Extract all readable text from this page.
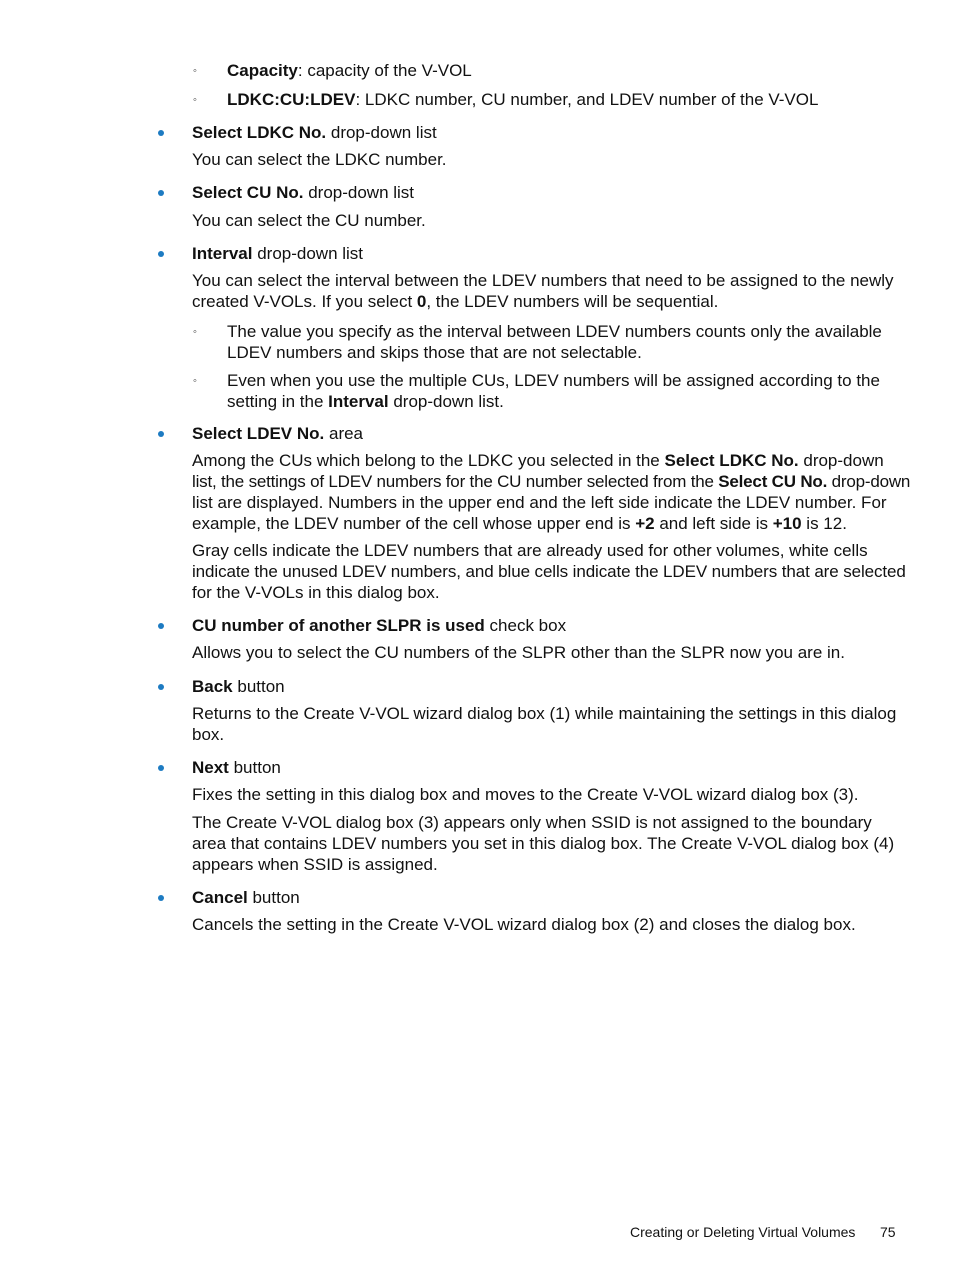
◦ Capacity: capacity of the V-VOL
◦ LDKC:CU:LDEV: LDKC number, CU number, and LDEV number of the V-VOL
Select LDKC No. drop-down list
You can select the LDKC number.
Select CU No. drop-down list
You can select the CU number.
Interval drop-down list
You can select the interval between the LDEV numbers that need to be assigned to the newly
created V-VOLs. If you select 0, the LDEV numbers will be sequential.
◦ The value you specify as the interval between LDEV numbers counts only the available
LDEV numbers and skips those that are not selectable.
◦ Even when you use the multiple CUs, LDEV numbers will be assigned according to the
setting in the Interval drop-down list.
Select LDEV No. area
Among the CUs which belong to the LDKC you selected in the Select LDKC No. drop-down
list, the settings of LDEV numbers for the CU number selected from the Select CU No. drop-down
list are displayed. Numbers in the upper end and the left side indicate the LDEV number. For
example, the LDEV number of the cell whose upper end is +2 and left side is +10 is 12.
Gray cells indicate the LDEV numbers that are already used for other volumes, white cells
indicate the unused LDEV numbers, and blue cells indicate the LDEV numbers that are selected
for the V-VOLs in this dialog box.
CU number of another SLPR is used check box
Allows you to select the CU numbers of the SLPR other than the SLPR now you are in.
Back button
Returns to the Create V-VOL wizard dialog box (1) while maintaining the settings in this dialog
box.
Next button
Fixes the setting in this dialog box and moves to the Create V-VOL wizard dialog box (3).
The Create V-VOL dialog box (3) appears only when SSID is not assigned to the boundary
area that contains LDEV numbers you set in this dialog box. The Create V-VOL dialog box (4)
appears when SSID is assigned.
Cancel button
Cancels the setting in the Create V-VOL wizard dialog box (2) and closes the dialog box.
Creating or Deleting Virtual Volumes 75
